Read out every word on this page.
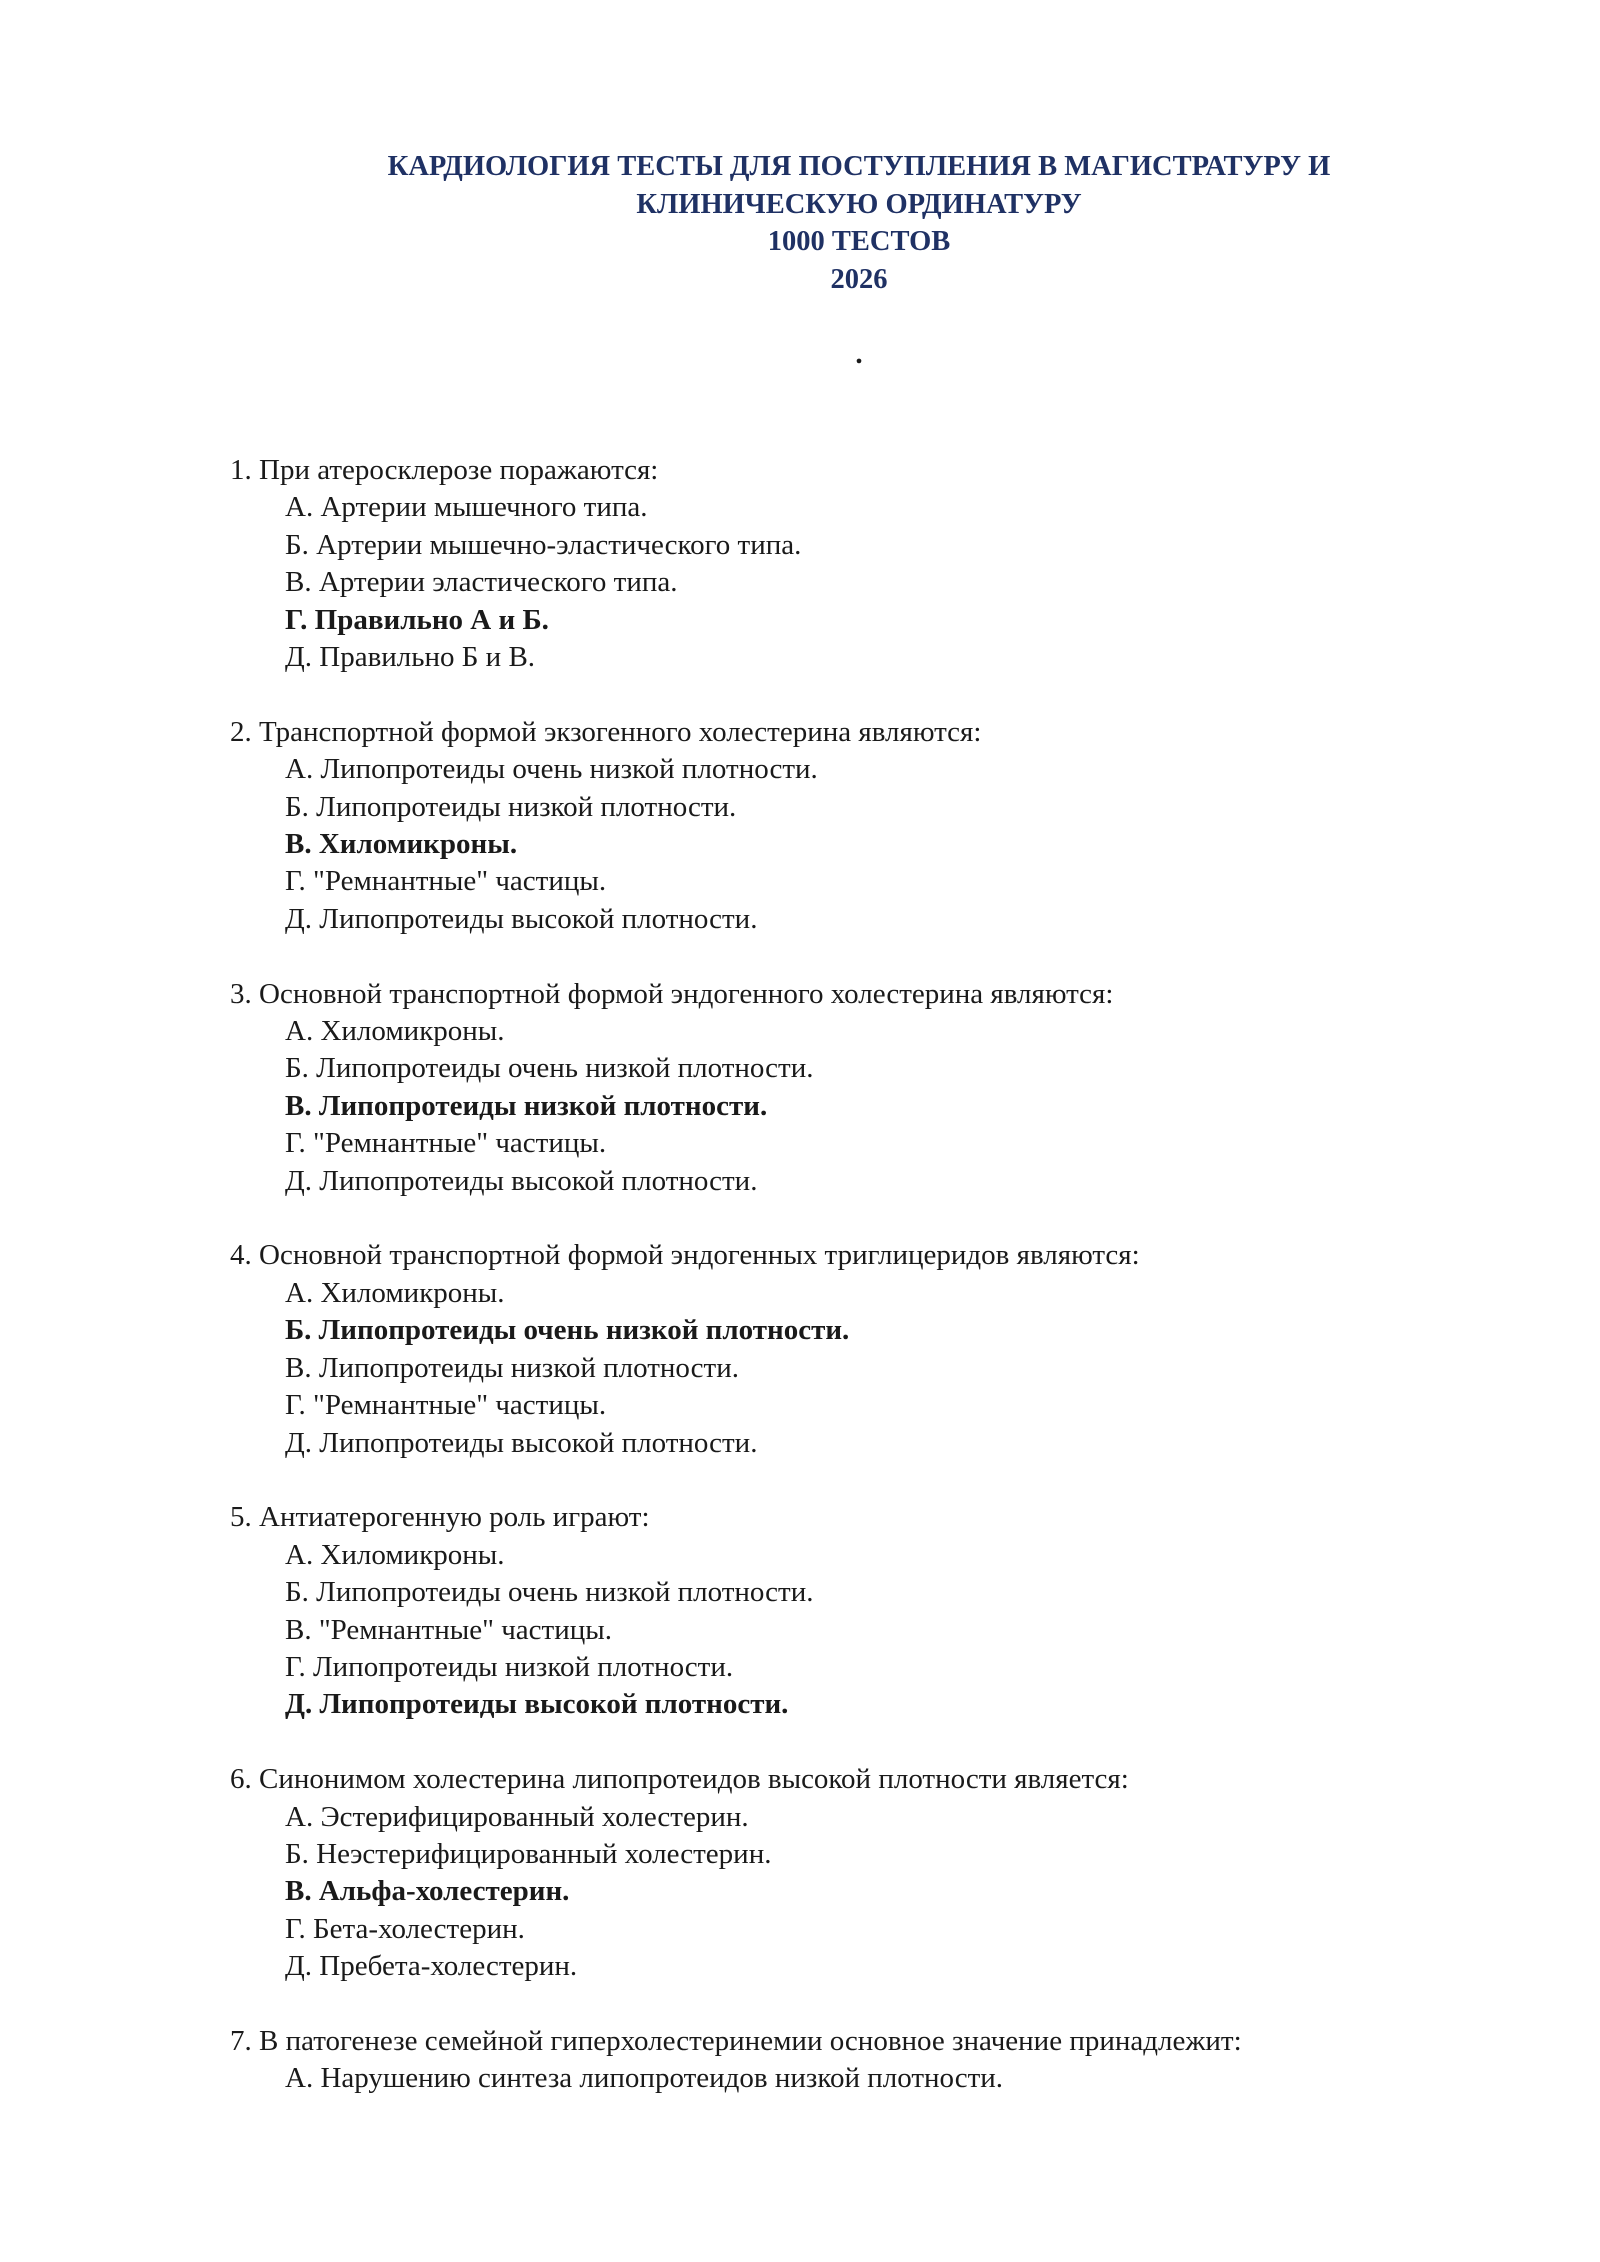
КАРДИОЛОГИЯ ТЕСТЫ ДЛЯ ПОСТУПЛЕНИЯ В МАГИСТРАТУРУ И
КЛИНИЧЕСКУЮ ОРДИНАТУРУ
1000 ТЕСТОВ
2026
.
1. При атеросклерозе поражаются:
А. Артерии мышечного типа.
Б. Артерии мышечно-эластического типа.
В. Артерии эластического типа.
Г. Правильно А и Б.
Д. Правильно Б и В.
2. Транспортной формой экзогенного холестерина являются:
А. Липопротеиды очень низкой плотности.
Б. Липопротеиды низкой плотности.
В. Хиломикроны.
Г. "Ремнантные" частицы.
Д. Липопротеиды высокой плотности.
3. Основной транспортной формой эндогенного холестерина являются:
А. Хиломикроны.
Б. Липопротеиды очень низкой плотности.
В. Липопротеиды низкой плотности.
Г. "Ремнантные" частицы.
Д. Липопротеиды высокой плотности.
4. Основной транспортной формой эндогенных триглицеридов являются:
А. Хиломикроны.
Б. Липопротеиды очень низкой плотности.
В. Липопротеиды низкой плотности.
Г. "Ремнантные" частицы.
Д. Липопротеиды высокой плотности.
5. Антиатерогенную роль играют:
А. Хиломикроны.
Б. Липопротеиды очень низкой плотности.
В. "Ремнантные" частицы.
Г. Липопротеиды низкой плотности.
Д. Липопротеиды высокой плотности.
6. Синонимом холестерина липопротеидов высокой плотности является:
А. Эстерифицированный холестерин.
Б. Неэстерифицированный холестерин.
В. Альфа-холестерин.
Г. Бета-холестерин.
Д. Пребета-холестерин.
7. В патогенезе семейной гиперхолестеринемии основное значение принадлежит:
А. Нарушению синтеза липопротеидов низкой плотности.
